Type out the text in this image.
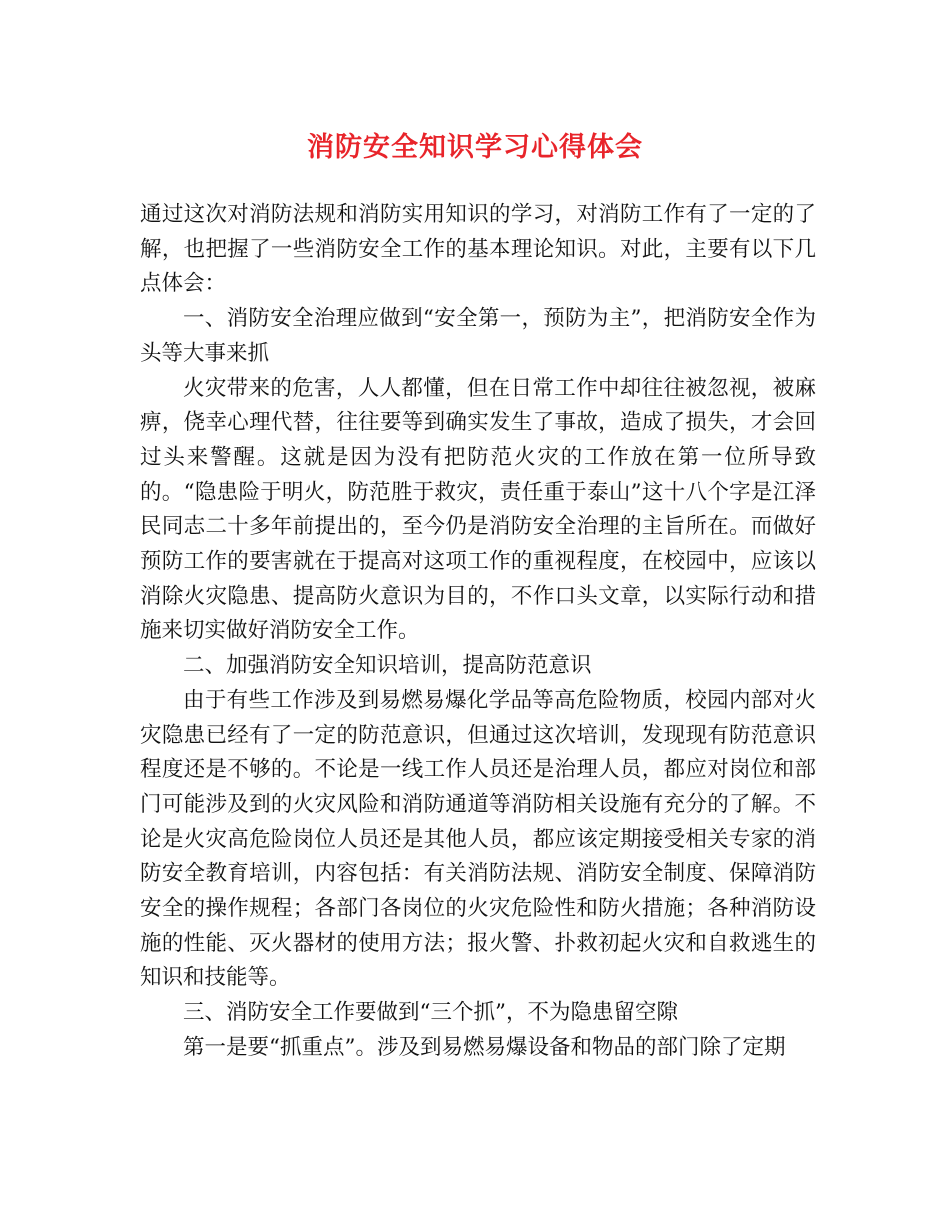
消防安全知识学习心得体会

通过这次对消防法规和消防实用知识的学习，对消防工作有了一定的了解，也把握了一些消防安全工作的基本理论知识。对此，主要有以下几点体会：

一、消防安全治理应做到“安全第一，预防为主”，把消防安全作为头等大事来抓

火灾带来的危害，人人都懂，但在日常工作中却往往被忽视，被麻痹，侥幸心理代替，往往要等到确实发生了事故，造成了损失，才会回过头来警醒。这就是因为没有把防范火灾的工作放在第一位所导致的。“隐患险于明火，防范胜于救灾，责任重于泰山”这十八个字是江泽民同志二十多年前提出的，至今仍是消防安全治理的主旨所在。而做好预防工作的要害就在于提高对这项工作的重视程度，在校园中，应该以消除火灾隐患、提高防火意识为目的，不作口头文章，以实际行动和措施来切实做好消防安全工作。

二、加强消防安全知识培训，提高防范意识

由于有些工作涉及到易燃易爆化学品等高危险物质，校园内部对火灾隐患已经有了一定的防范意识，但通过这次培训，发现现有防范意识程度还是不够的。不论是一线工作人员还是治理人员，都应对岗位和部门可能涉及到的火灾风险和消防通道等消防相关设施有充分的了解。不论是火灾高危险岗位人员还是其他人员，都应该定期接受相关专家的消防安全教育培训，内容包括：有关消防法规、消防安全制度、保障消防安全的操作规程；各部门各岗位的火灾危险性和防火措施；各种消防设施的性能、灭火器材的使用方法；报火警、扑救初起火灾和自救逃生的知识和技能等。

三、消防安全工作要做到“三个抓”，不为隐患留空隙

第一是要“抓重点”。涉及到易燃易爆设备和物品的部门除了定期
